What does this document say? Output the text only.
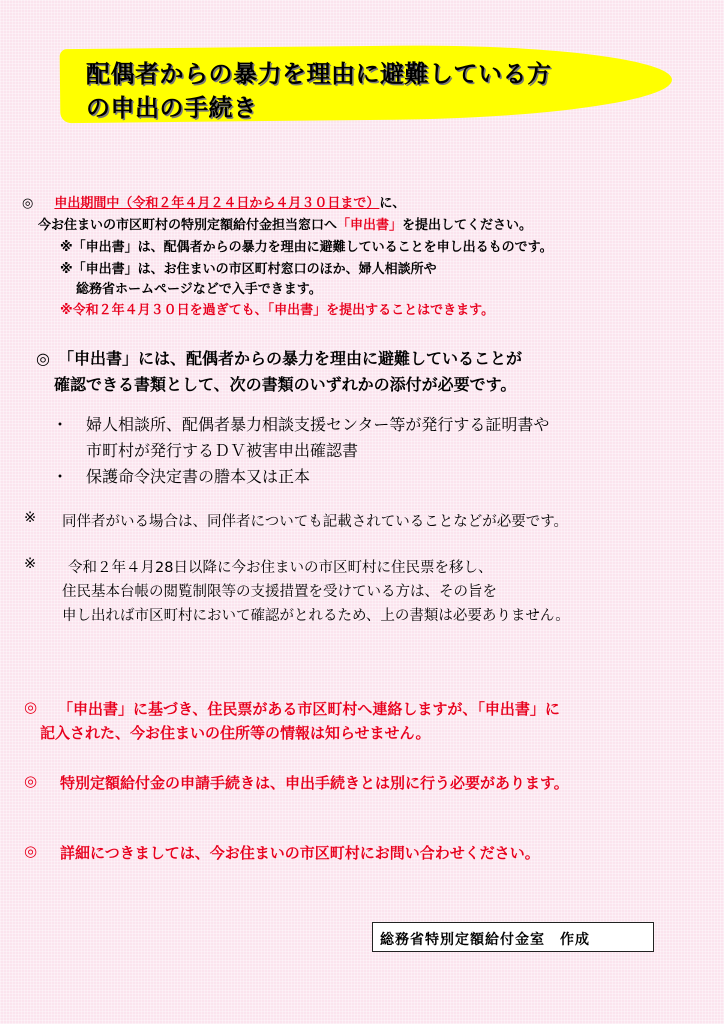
配偶者からの暴力を理由に避難している方
の申出の手続き
◎ 申出期間中（令和２年４月２４日から４月３０日まで）に、
今お住まいの市区町村の特別定額給付金担当窓口へ「申出書」を提出してください。
※「申出書」は、配偶者からの暴力を理由に避難していることを申し出るものです。
※「申出書」は、お住まいの市区町村窓口のほか、婦人相談所や
総務省ホームページなどで入手できます。
※令和２年４月３０日を過ぎても、「申出書」を提出することはできます。
◎　「申出書」には、配偶者からの暴力を理由に避難していることが
確認できる書類として、次の書類のいずれかの添付が必要です。
・ 婦人相談所、配偶者暴力相談支援センター等が発行する証明書や
市町村が発行するＤＶ被害申出確認書
・ 保護命令決定書の謄本又は正本
※ 同伴者がいる場合は、同伴者についても記載されていることなどが必要です。
※ 令和２年４月28日以降に今お住まいの市区町村に住民票を移し、
住民基本台帳の閲覧制限等の支援措置を受けている方は、その旨を
申し出れば市区町村において確認がとれるため、上の書類は必要ありません。
◎ 「申出書」に基づき、住民票がある市区町村へ連絡しますが、「申出書」に
記入された、今お住まいの住所等の情報は知らせません。
◎ 特別定額給付金の申請手続きは、申出手続きとは別に行う必要があります。
◎ 詳細につきましては、今お住まいの市区町村にお問い合わせください。
総務省特別定額給付金室　作成
